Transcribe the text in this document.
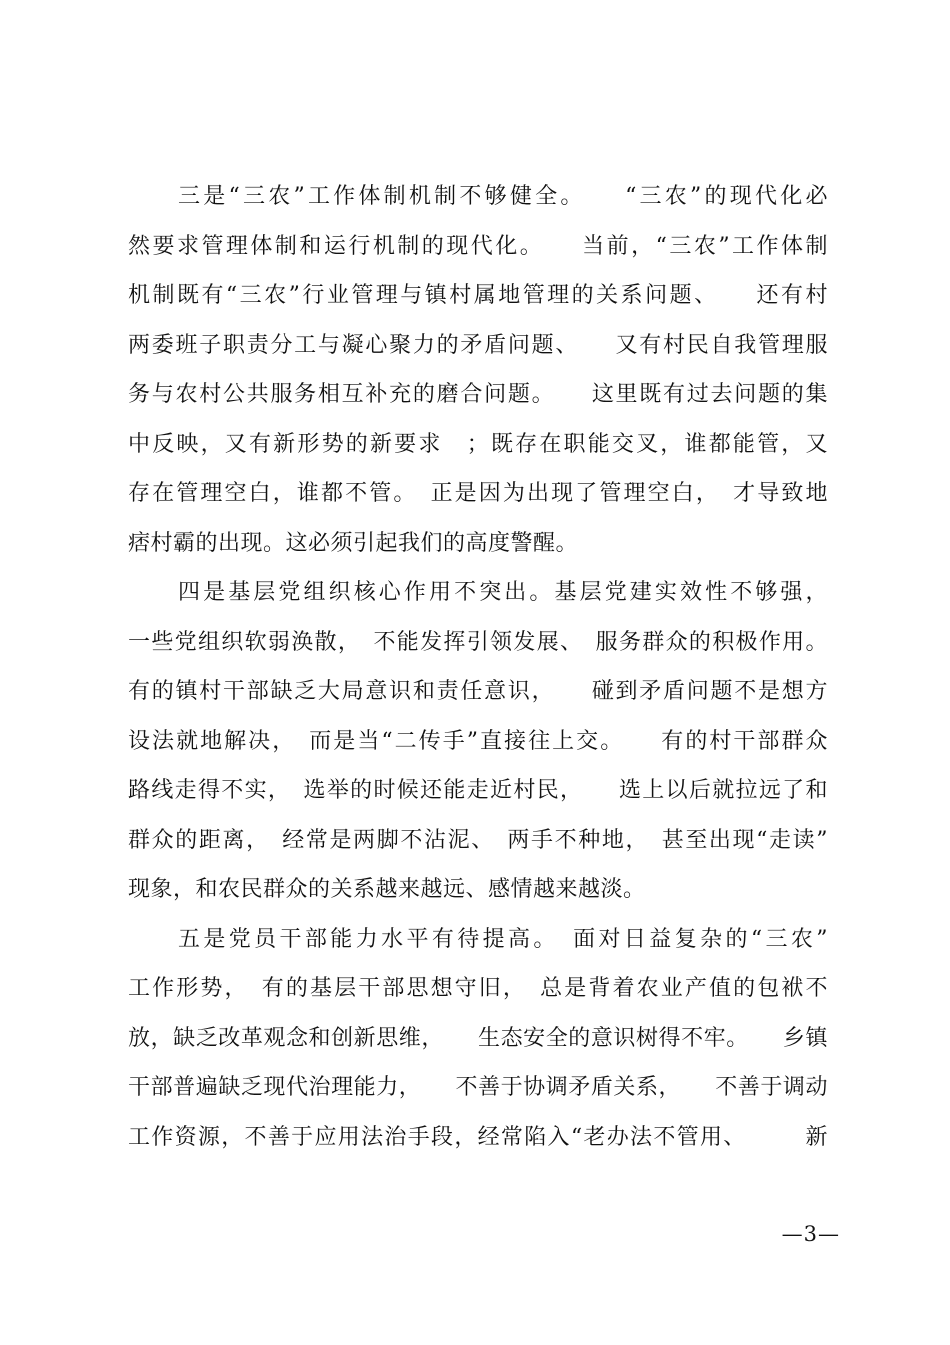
三是“三农”工作体制机制不够健全。　　“三农”的现代化必
然要求管理体制和运行机制的现代化。　　当前，“三农”工作体制
机制既有“三农”行业管理与镇村属地管理的关系问题、　　还有村
两委班子职责分工与凝心聚力的矛盾问题、　　又有村民自我管理服
务与农村公共服务相互补充的磨合问题。　　这里既有过去问题的集
中反映，又有新形势的新要求　；既存在职能交叉，谁都能管，又
存在管理空白，谁都不管。　正是因为出现了管理空白，　才导致地
痞村霸的出现。这必须引起我们的高度警醒。
四是基层党组织核心作用不突出。基层党建实效性不够强，
一些党组织软弱涣散，　不能发挥引领发展、　服务群众的积极作用。
有的镇村干部缺乏大局意识和责任意识，　　碰到矛盾问题不是想方
设法就地解决，　而是当“二传手”直接往上交。　　有的村干部群众
路线走得不实，　选举的时候还能走近村民，　　选上以后就拉远了和
群众的距离，　经常是两脚不沾泥、　两手不种地，　甚至出现“走读”
现象，和农民群众的关系越来越远、感情越来越淡。
五是党员干部能力水平有待提高。　面对日益复杂的“三农”
工作形势，　有的基层干部思想守旧，　总是背着农业产值的包袱不
放，缺乏改革观念和创新思维，　　生态安全的意识树得不牢。　　乡镇
干部普遍缺乏现代治理能力，　　不善于协调矛盾关系，　　不善于调动
工作资源，不善于应用法治手段，经常陷入“老办法不管用、　　　新
—3—
